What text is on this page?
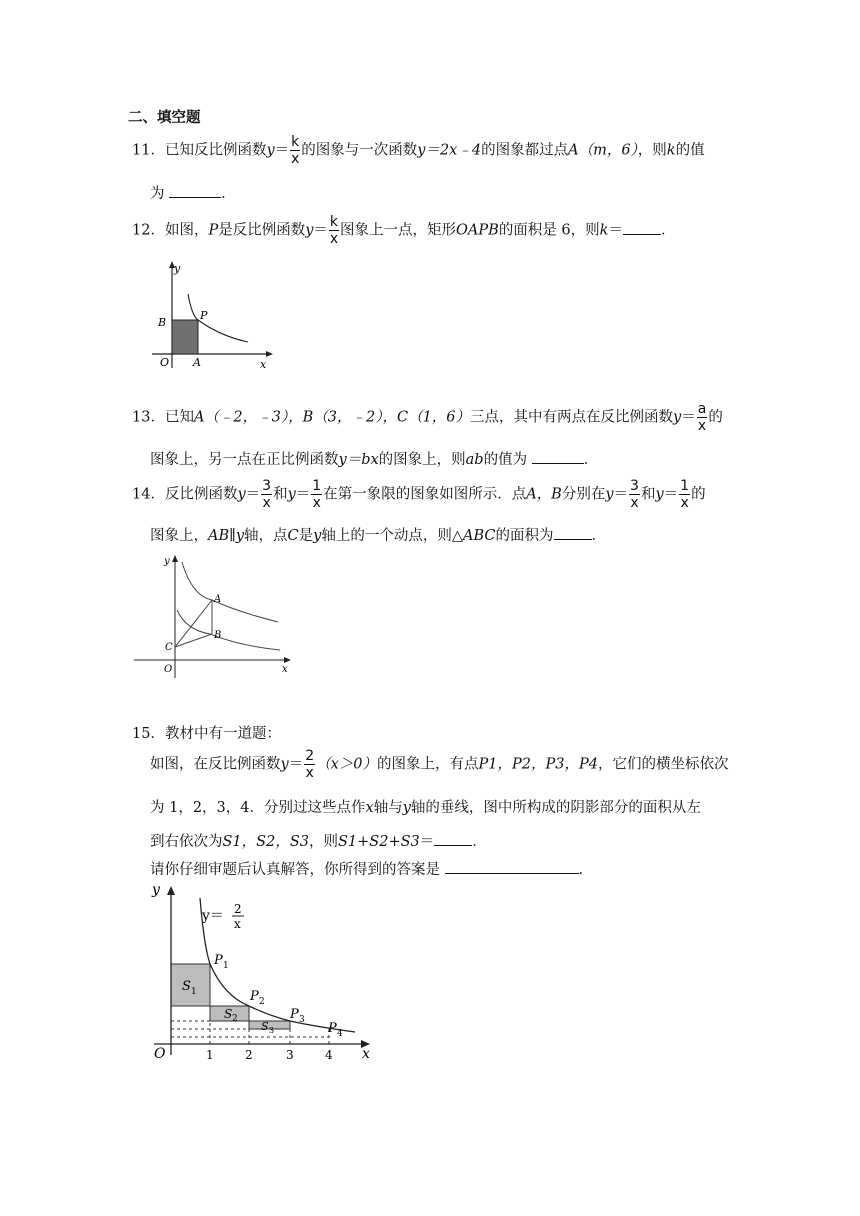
二、填空题
11．已知反比例函数$y= \frac{k}{x}$ 的图象与一次函数y＝2x﹣4的图象都过点A（m，6），则k的值
为	．
12．如图，P是反比例函数$y= \frac{k}{x}$ 图象上一点，矩形OAPB的面积是 6，则k＝	．
y
x
B
P
O A
13．已知A（﹣2，﹣3），B（3，﹣2），C（1，6）三点，其中有两点在反比例函数$y= \frac{a}{x}$ 的
图象上，另一点在正比例函数y＝bx的图象上，则ab的值为	．
14．反比例函数$y= \frac{3}{x}$ 和$y= \frac{1}{x}$ 在第一象限的图象如图所示．点A，B分别在$y= \frac{3}{x}$ 和$y= \frac{1}{x}$ 的
图象上，AB∥y轴，点C是y轴上的一个动点，则△ABC的面积为	．
y
x
A
B
C
O
15．教材中有一道题：
如图，在反比例函数$y= \frac{2}{x} (x>0)$的图象上，有点P1，P2，P3，P4，它们的横坐标依次
为 1，2，3，4．分别过这些点作x轴与y轴的垂线，图中所构成的阴影部分的面积从左
到右依次为S1，S2，S3，则S1+S2+S3＝	．
请你仔细审题后认真解答，你所得到的答案是	．
y
x
O	1	2	3	4
y＝ 2
x
P 1
P 2
P 3
P 4
S 1
S 2
S 3
